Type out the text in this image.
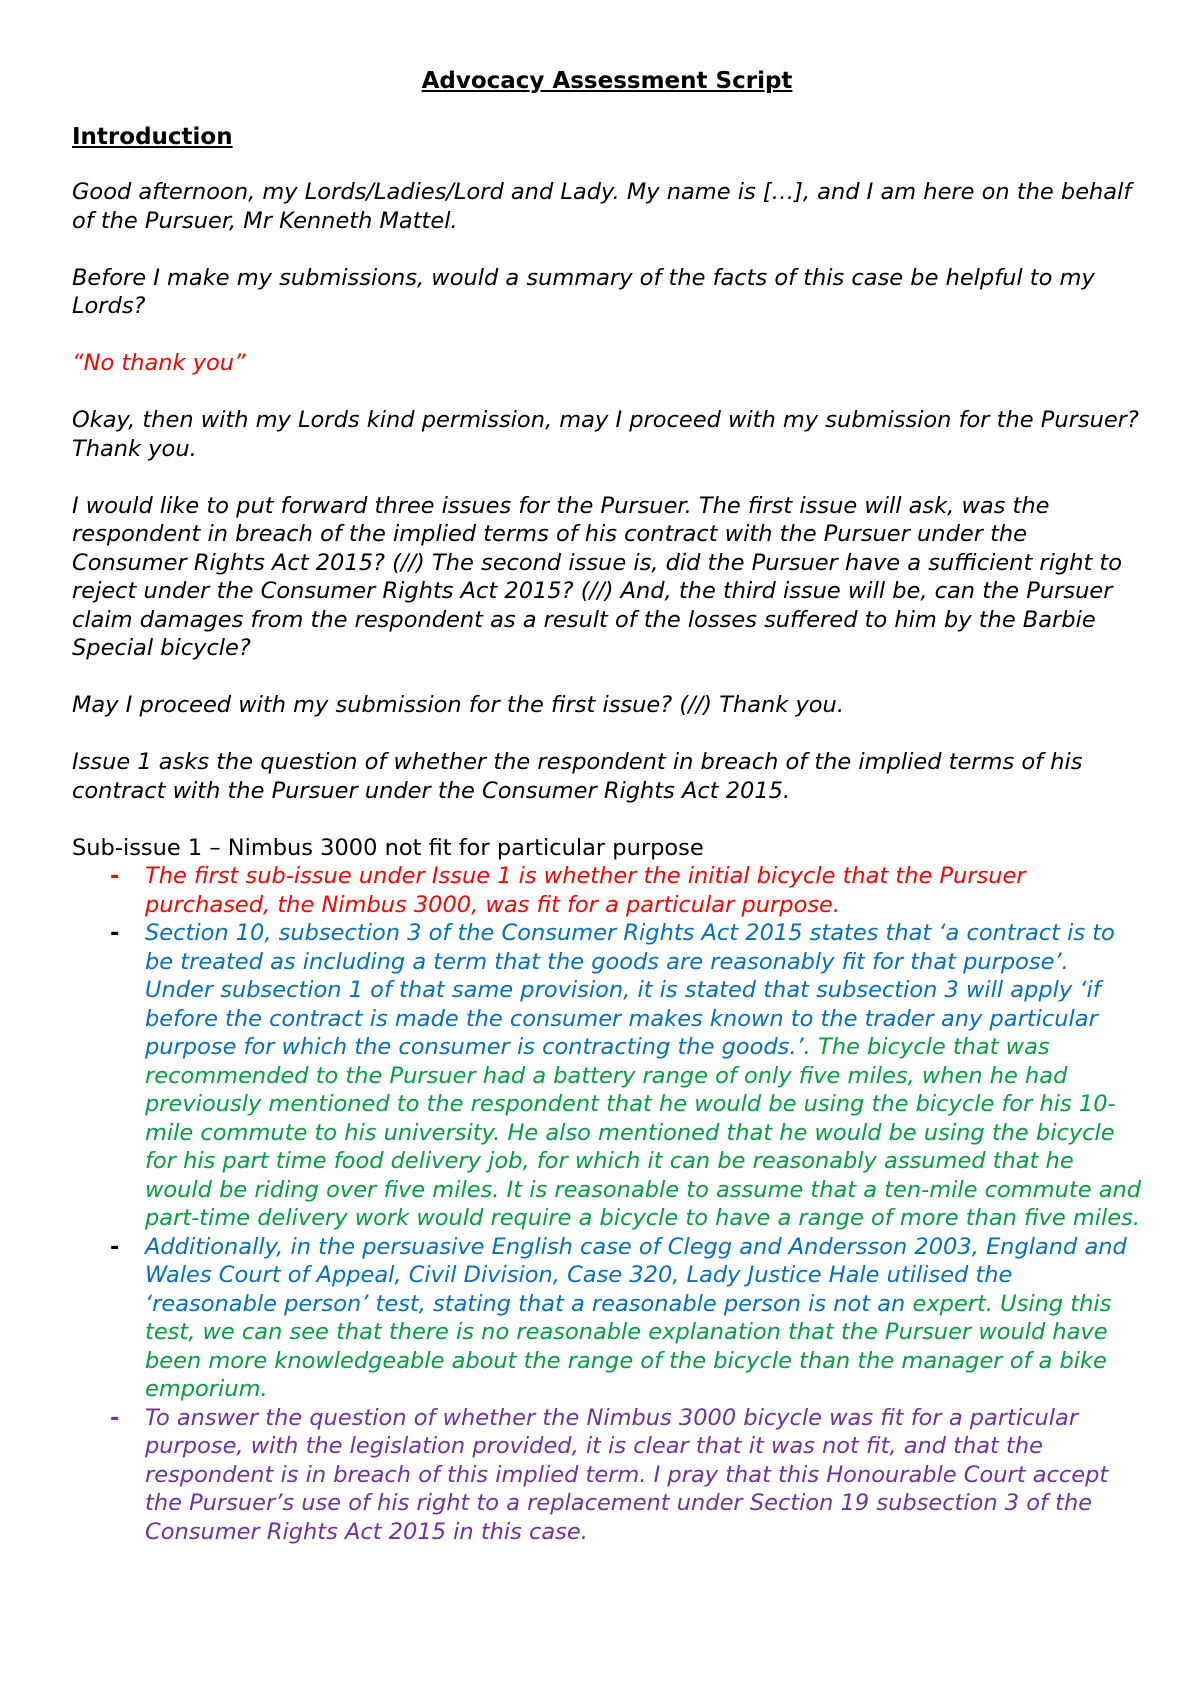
Advocacy Assessment Script
Introduction

Good afternoon, my Lords/Ladies/Lord and Lady. My name is […], and I am here on the behalf of the Pursuer, Mr Kenneth Mattel.

Before I make my submissions, would a summary of the facts of this case be helpful to my Lords?

“No thank you”

Okay, then with my Lords kind permission, may I proceed with my submission for the Pursuer? Thank you.

I would like to put forward three issues for the Pursuer. The first issue will ask, was the respondent in breach of the implied terms of his contract with the Pursuer under the Consumer Rights Act 2015? (//) The second issue is, did the Pursuer have a sufficient right to reject under the Consumer Rights Act 2015? (//) And, the third issue will be, can the Pursuer claim damages from the respondent as a result of the losses suffered to him by the Barbie Special bicycle?

May I proceed with my submission for the first issue? (//) Thank you.

Issue 1 asks the question of whether the respondent in breach of the implied terms of his contract with the Pursuer under the Consumer Rights Act 2015.

Sub-issue 1 – Nimbus 3000 not fit for particular purpose
- The first sub-issue under Issue 1 is whether the initial bicycle that the Pursuer purchased, the Nimbus 3000, was fit for a particular purpose.
- Section 10, subsection 3 of the Consumer Rights Act 2015 states that ‘a contract is to be treated as including a term that the goods are reasonably fit for that purpose’. Under subsection 1 of that same provision, it is stated that subsection 3 will apply ‘if before the contract is made the consumer makes known to the trader any particular purpose for which the consumer is contracting the goods.’. The bicycle that was recommended to the Pursuer had a battery range of only five miles, when he had previously mentioned to the respondent that he would be using the bicycle for his 10-mile commute to his university. He also mentioned that he would be using the bicycle for his part time food delivery job, for which it can be reasonably assumed that he would be riding over five miles. It is reasonable to assume that a ten-mile commute and part-time delivery work would require a bicycle to have a range of more than five miles.
- Additionally, in the persuasive English case of Clegg and Andersson 2003, England and Wales Court of Appeal, Civil Division, Case 320, Lady Justice Hale utilised the ‘reasonable person’ test, stating that a reasonable person is not an expert. Using this test, we can see that there is no reasonable explanation that the Pursuer would have been more knowledgeable about the range of the bicycle than the manager of a bike emporium.
- To answer the question of whether the Nimbus 3000 bicycle was fit for a particular purpose, with the legislation provided, it is clear that it was not fit, and that the respondent is in breach of this implied term. I pray that this Honourable Court accept the Pursuer’s use of his right to a replacement under Section 19 subsection 3 of the Consumer Rights Act 2015 in this case.
